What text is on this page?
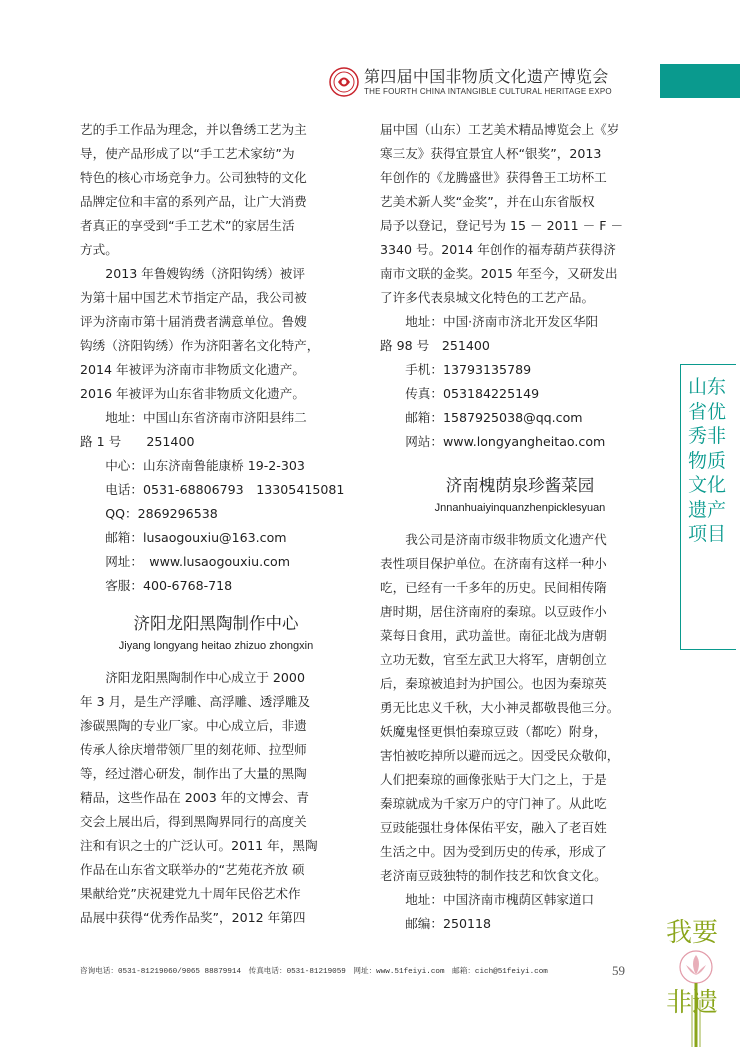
第四届中国非物质文化遗产博览会
THE FOURTH CHINA INTANGIBLE CULTURAL HERITAGE EXPO

艺的手工作品为理念，并以鲁绣工艺为主

导，使产品形成了以“手工艺术家纺”为

特色的核心市场竞争力。公司独特的文化

品牌定位和丰富的系列产品，让广大消费

者真正的享受到“手工艺术”的家居生活

方式。

2013 年鲁嫂钩绣（济阳钩绣）被评

为第十届中国艺术节指定产品，我公司被

评为济南市第十届消费者满意单位。鲁嫂

钩绣（济阳钩绣）作为济阳著名文化特产，

2014 年被评为济南市非物质文化遗产。

2016 年被评为山东省非物质文化遗产。

地址：中国山东省济南市济阳县纬二

路 1 号　　251400

中心：山东济南鲁能康桥 19-2-303

电话：0531-68806793　13305415081

QQ：2869296538

邮箱：lusaogouxiu@163.com

网址：　www.lusaogouxiu.com

客服：400-6768-718

济阳龙阳黑陶制作中心
Jiyang longyang heitao zhizuo zhongxin

济阳龙阳黑陶制作中心成立于 2000

年 3 月，是生产浮雕、高浮雕、透浮雕及

渗碳黑陶的专业厂家。中心成立后，非遗

传承人徐庆增带领厂里的刻花师、拉型师

等，经过潜心研发，制作出了大量的黑陶

精品，这些作品在 2003 年的文博会、青

交会上展出后，得到黑陶界同行的高度关

注和有识之士的广泛认可。2011 年，黑陶

作品在山东省文联举办的“艺苑花齐放 硕

果献给党”庆祝建党九十周年民俗艺术作

品展中获得“优秀作品奖”，2012 年第四

届中国（山东）工艺美术精品博览会上《岁

寒三友》获得宜景宜人杯“银奖”，2013

年创作的《龙腾盛世》获得鲁王工坊杯工

艺美术新人奖“金奖”，并在山东省版权

局予以登记，登记号为 15 － 2011 － F －

3340 号。2014 年创作的福寿葫芦获得济

南市文联的金奖。2015 年至今，又研发出

了许多代表泉城文化特色的工艺产品。

地址：中国·济南市济北开发区华阳

路 98 号　251400

手机：13793135789

传真：053184225149

邮箱：1587925038@qq.com

网站：www.longyangheitao.com

济南槐荫泉珍酱菜园
Jnnanhuaiyinquanzhenpicklesyuan

我公司是济南市级非物质文化遗产代

表性项目保护单位。在济南有这样一种小

吃，已经有一千多年的历史。民间相传隋

唐时期，居住济南府的秦琼。以豆豉作小

菜每日食用，武功盖世。南征北战为唐朝

立功无数，官至左武卫大将军，唐朝创立

后，秦琼被追封为护国公。也因为秦琼英

勇无比忠义千秋，大小神灵都敬畏他三分。

妖魔鬼怪更惧怕秦琼豆豉（都吃）附身，

害怕被吃掉所以避而远之。因受民众敬仰，

人们把秦琼的画像张贴于大门之上，于是

秦琼就成为千家万户的守门神了。从此吃

豆豉能强壮身体保佑平安，融入了老百姓

生活之中。因为受到历史的传承，形成了

老济南豆豉独特的制作技艺和饮食文化。

地址：中国济南市槐荫区韩家道口

邮编：250118

山东省优秀非物质文化遗产项目
咨询电话：0531-81219060/9065 88879914　传真电话：0531-81219059　网址：www.51feiyi.com　邮箱：cich@51feiyi.com	59
我要
非遗
